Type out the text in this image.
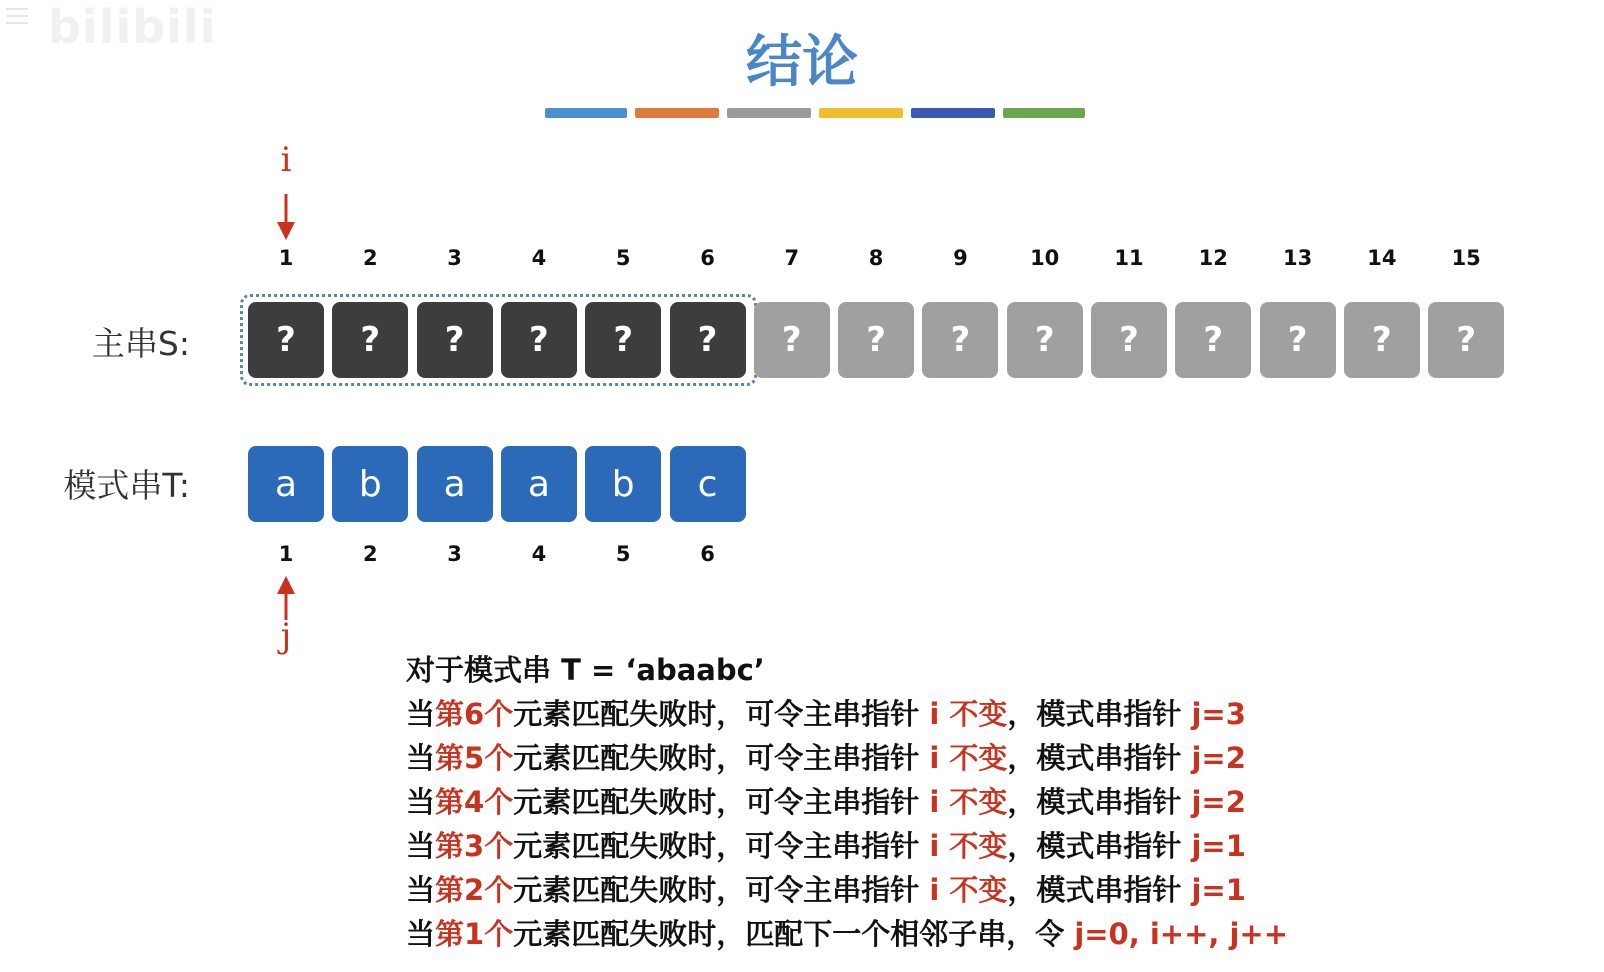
bilibili
结论
i
1	2	3	4	5	6	7	8	9	10	11	12	13	14	15
主串S:	?	?	?	?	?	?	?	?	?	?	?	?	?	?	?
模式串T:	a	b	a	a	b	c
1	2	3	4	5	6
j
对于模式串 T = ‘abaabc’
当第6个元素匹配失败时，可令主串指针 i 不变，模式串指针 j=3
当第5个元素匹配失败时，可令主串指针 i 不变，模式串指针 j=2
当第4个元素匹配失败时，可令主串指针 i 不变，模式串指针 j=2
当第3个元素匹配失败时，可令主串指针 i 不变，模式串指针 j=1
当第2个元素匹配失败时，可令主串指针 i 不变，模式串指针 j=1
当第1个元素匹配失败时，匹配下一个相邻子串，令 j=0, i++, j++
